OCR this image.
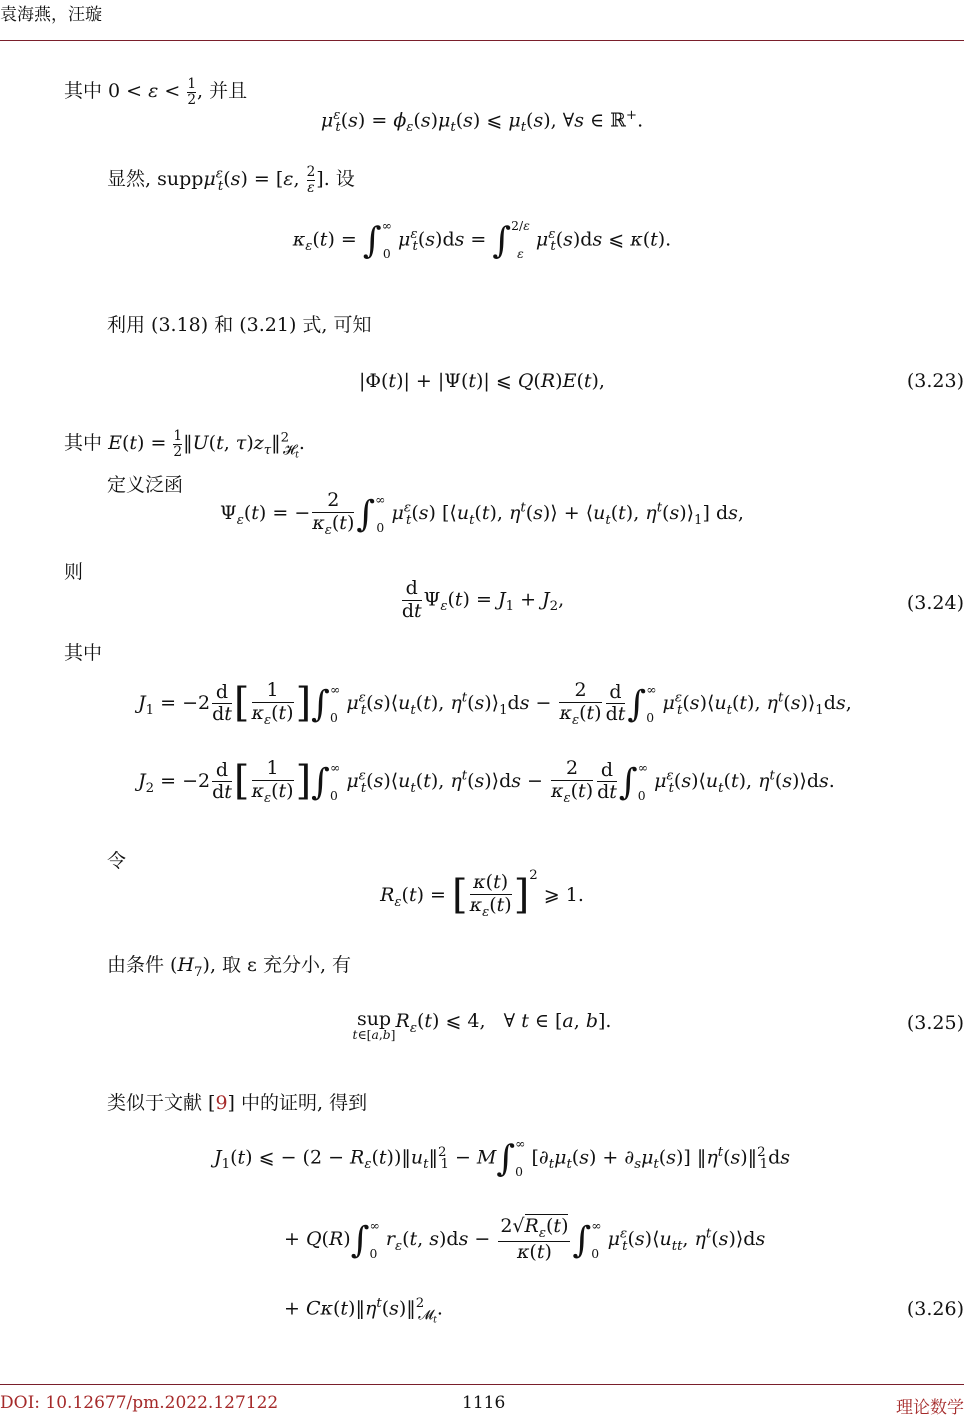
袁海燕，汪璇
其中 $0 < \varepsilon < \frac{1}{2}$ , 并且
$\mu^\varepsilon_t(s) = \phi_\varepsilon(s)\mu_t(s)$ ⩽ $\mu_t(s)$, ∀s ∈ ℝ+.
显然, suppμ$^\varepsilon_t$(s) = [ε, $\frac{2}{\varepsilon}$ ]. 设
$\kappa_\varepsilon(t)$ = ∫ ∞
0
$\mu^\varepsilon_t(s)ds$ = ∫ 2/ε
ε
$\mu^\varepsilon_t(s)ds$ ⩽ κ(t).
利用 (3.18) 和 (3.21) 式, 可知
|Φ(t)| + |Ψ(t)| ⩽ Q(R)E(t),	(3.23)
其中 $E(t) = \frac{1}{2}$ ‖U(t, $\tau)z_\tau‖^2_{𝓗_t}$.
定义泛函
$\Psi_\varepsilon(t)$ = − $\frac{2}{\kappa_\varepsilon(t)}$ ∫ ∞
0
$\mu^\varepsilon_t(s)$ [$⟨u_t(t)$, $\eta^t(s)⟩$ + $⟨u_t(t)$, $\eta^t(s)⟩_1$] ds,
则
$\frac{d}{dt} \Psi_\varepsilon(t) = J_1 + J_2$,	(3.24)
其中
$J_1 = -2 \frac{d}{dt}$ [ $\frac{1}{\kappa_\varepsilon(t)}$ ]∫ ∞
0
$\mu^\varepsilon_t(s)⟨u_t(t)$, $\eta^t(s)⟩_1ds - \frac{2}{\kappa_\varepsilon(t)} \frac{d}{dt}$ ∫ ∞
0
$\mu^\varepsilon_t(s)⟨u_t(t)$, $\eta^t(s)⟩_1ds$,
$J_2 = -2 \frac{d}{dt}$ [ $\frac{1}{\kappa_\varepsilon(t)}$ ]∫ ∞
0
$\mu^\varepsilon_t(s)⟨u_t(t)$, $\eta^t(s)⟩ds - \frac{2}{\kappa_\varepsilon(t)} \frac{d}{dt}$ ∫ ∞
0
$\mu^\varepsilon_t(s)⟨u_t(t)$, $\eta^t(s)⟩ds$.
令
$R_\varepsilon(t)$ = [ $\frac{\kappa(t)}{\kappa_\varepsilon(t)} ]^2$ ⩾ 1.
由条件 $(H_7)$, 取 ε 充分小, 有
sup
t∈[a,b]
$R_\varepsilon(t)$ ⩽ 4,   ∀ t ∈ [a, b].	(3.25)
类似于文献 [9] 中的证明, 得到
$J_1(t)$ ⩽ − $(2 - R_\varepsilon(t))‖u_t‖^2_1 - M\int$ ∞
0
$[\partial_t\mu_t(s) + \partial_s\mu_t(s)]$ $‖\eta^t(s)‖^2_1ds$
+ Q(R)∫ ∞
0
$r_\varepsilon(t$, $s)ds - \frac{2√R_\varepsilon(t)}{\kappa(t)}$ ∫ ∞
0
$\mu^\varepsilon_t(s)⟨u_{tt}$, $\eta^t(s)⟩ds$
+ $C\kappa(t)‖\eta^t(s)‖^2_{𝓜_t}$.	(3.26)
DOI: 10.12677/pm.2022.127122	1116	理论数学
